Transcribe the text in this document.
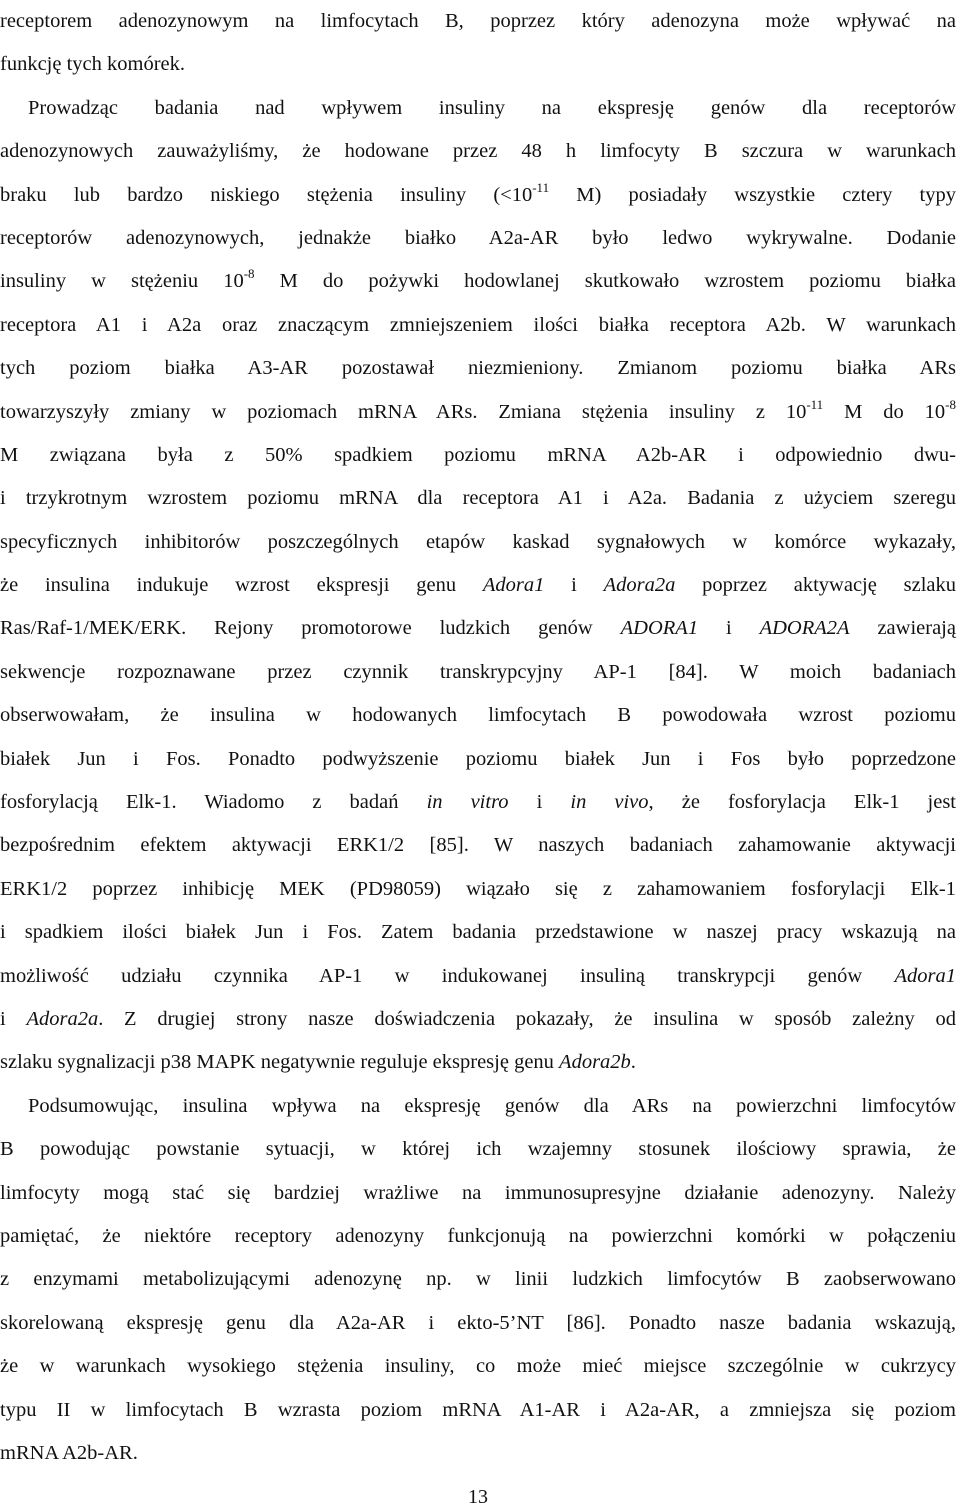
receptorem adenozynowym na limfocytach B, poprzez który adenozyna może wpływać na
funkcję tych komórek.
Prowadząc badania nad wpływem insuliny na ekspresję genów dla receptorów
adenozynowych zauważyliśmy, że hodowane przez 48 h limfocyty B szczura w warunkach
braku lub bardzo niskiego stężenia insuliny ($<10^{-11}$ M) posiadały wszystkie cztery typy
receptorów adenozynowych, jednakże białko A2a-AR było ledwo wykrywalne. Dodanie
insuliny w stężeniu $10^{-8}$ M do pożywki hodowlanej skutkowało wzrostem poziomu białka
receptora A1 i A2a oraz znaczącym zmniejszeniem ilości białka receptora A2b. W warunkach
tych poziom białka A3-AR pozostawał niezmieniony. Zmianom poziomu białka ARs
towarzyszyły zmiany w poziomach mRNA ARs. Zmiana stężenia insuliny z $10^{-11}$ M do $10^{-8}$
M związana była z 50% spadkiem poziomu mRNA A2b-AR i odpowiednio dwu-
i trzykrotnym wzrostem poziomu mRNA dla receptora A1 i A2a. Badania z użyciem szeregu
specyficznych inhibitorów poszczególnych etapów kaskad sygnałowych w komórce wykazały,
że insulina indukuje wzrost ekspresji genu Adora1 i Adora2a poprzez aktywację szlaku
Ras/Raf-1/MEK/ERK. Rejony promotorowe ludzkich genów ADORA1 i ADORA2A zawierają
sekwencje rozpoznawane przez czynnik transkrypcyjny AP-1 [84]. W moich badaniach
obserwowałam, że insulina w hodowanych limfocytach B powodowała wzrost poziomu
białek Jun i Fos. Ponadto podwyższenie poziomu białek Jun i Fos było poprzedzone
fosforylacją Elk-1. Wiadomo z badań in vitro i in vivo, że fosforylacja Elk-1 jest
bezpośrednim efektem aktywacji ERK1/2 [85]. W naszych badaniach zahamowanie aktywacji
ERK1/2 poprzez inhibicję MEK (PD98059) wiązało się z zahamowaniem fosforylacji Elk-1
i spadkiem ilości białek Jun i Fos. Zatem badania przedstawione w naszej pracy wskazują na
możliwość udziału czynnika AP-1 w indukowanej insuliną transkrypcji genów Adora1
i Adora2a. Z drugiej strony nasze doświadczenia pokazały, że insulina w sposób zależny od
szlaku sygnalizacji p38 MAPK negatywnie reguluje ekspresję genu Adora2b.
Podsumowując, insulina wpływa na ekspresję genów dla ARs na powierzchni limfocytów
B powodując powstanie sytuacji, w której ich wzajemny stosunek ilościowy sprawia, że
limfocyty mogą stać się bardziej wrażliwe na immunosupresyjne działanie adenozyny. Należy
pamiętać, że niektóre receptory adenozyny funkcjonują na powierzchni komórki w połączeniu
z enzymami metabolizującymi adenozynę np. w linii ludzkich limfocytów B zaobserwowano
skorelowaną ekspresję genu dla A2a-AR i ekto-5’NT [86]. Ponadto nasze badania wskazują,
że w warunkach wysokiego stężenia insuliny, co może mieć miejsce szczególnie w cukrzycy
typu II w limfocytach B wzrasta poziom mRNA A1-AR i A2a-AR, a zmniejsza się poziom
mRNA A2b-AR.
13
